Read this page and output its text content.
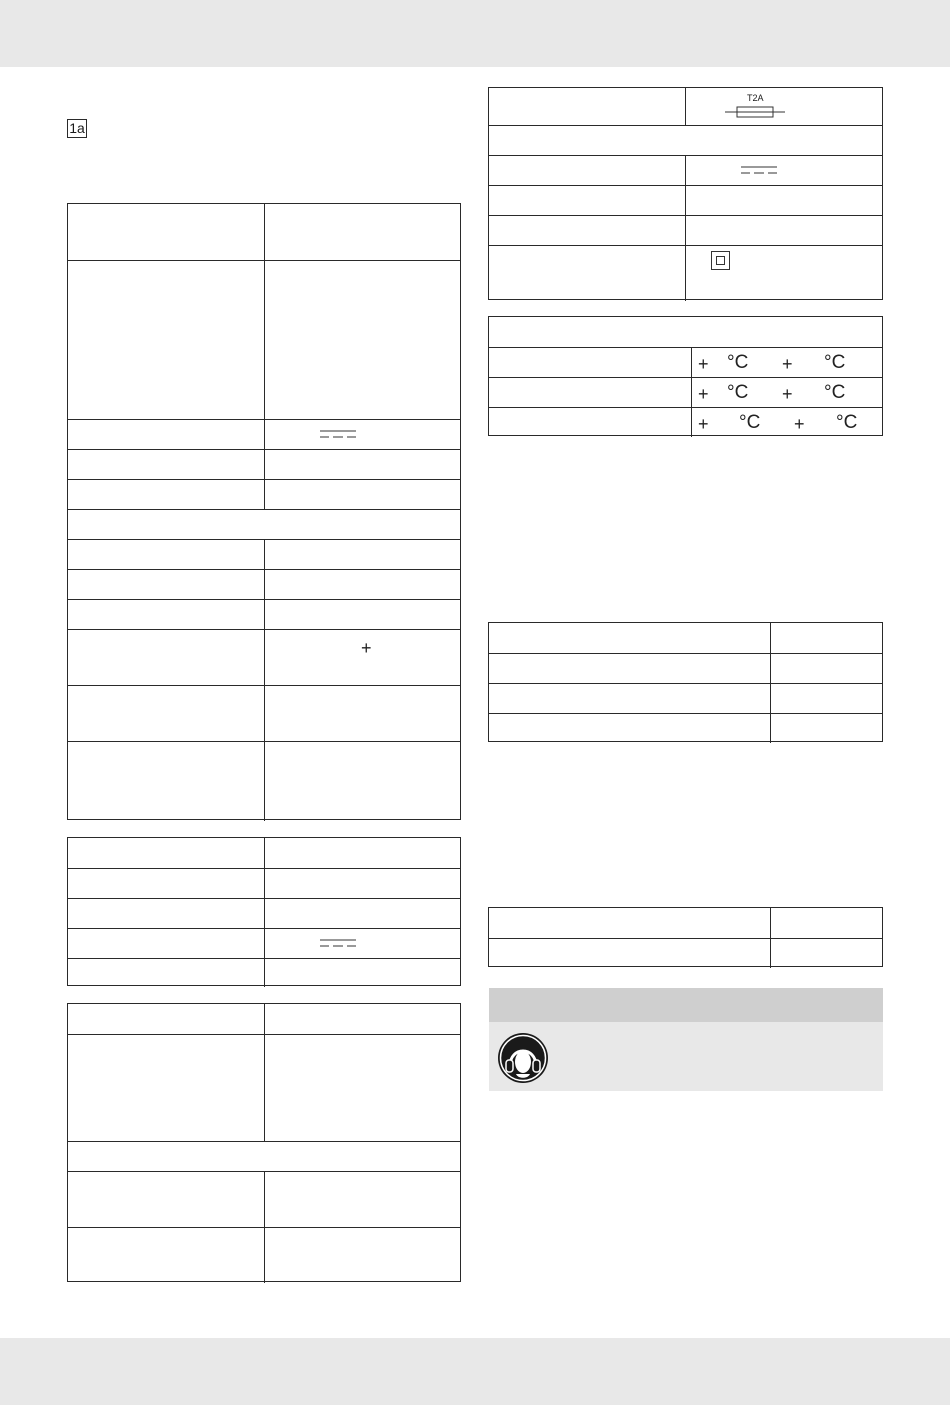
1a
+
T2A
+ °C + °C
+ °C + °C
+ °C + °C
